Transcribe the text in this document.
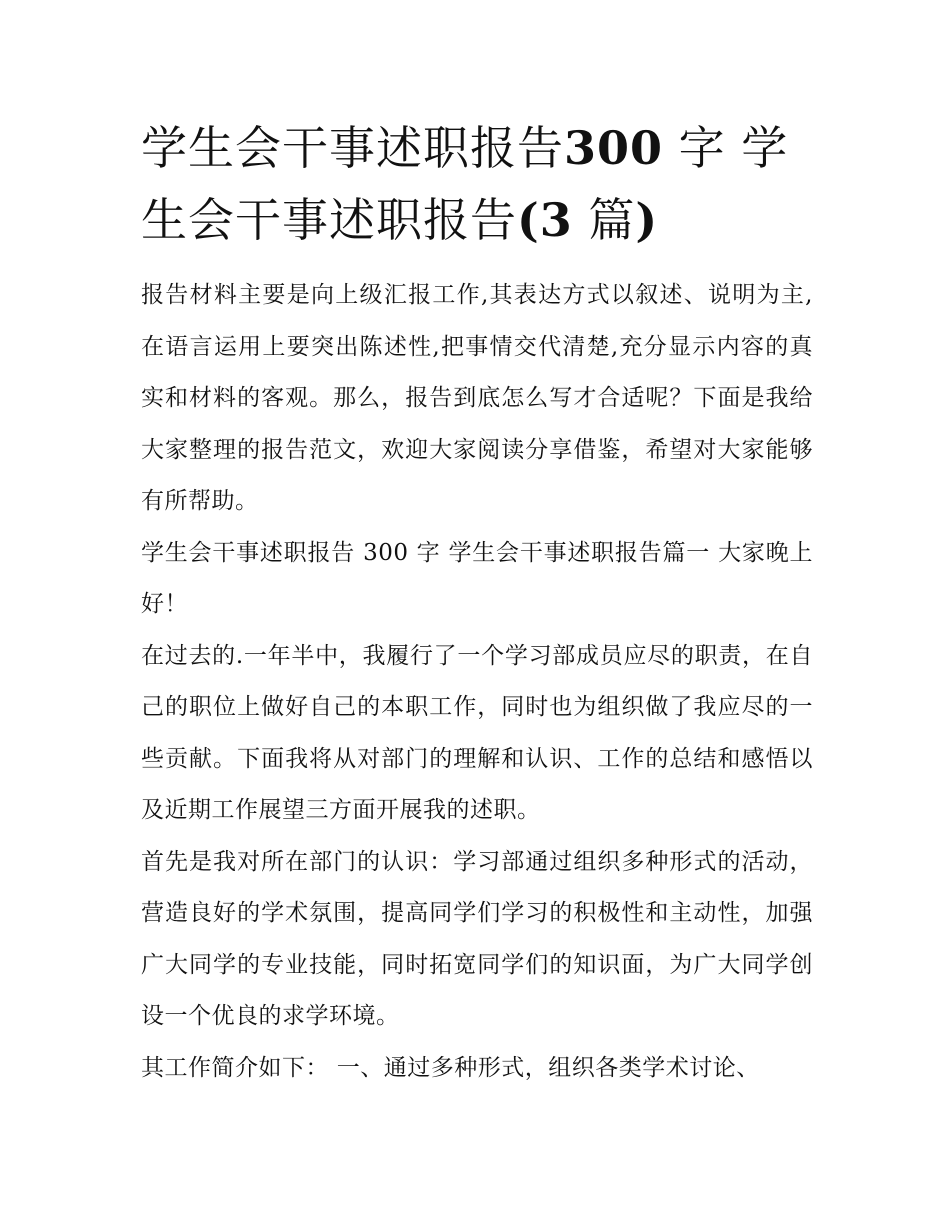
学生会干事述职报告300 字 学生会干事述职报告(3 篇)

报告材料主要是向上级汇报工作,其表达方式以叙述、说明为主,在语言运用上要突出陈述性,把事情交代清楚,充分显示内容的真实和材料的客观。那么，报告到底怎么写才合适呢？下面是我给大家整理的报告范文，欢迎大家阅读分享借鉴，希望对大家能够有所帮助。

学生会干事述职报告 300 字 学生会干事述职报告篇一 大家晚上好！

在过去的.一年半中，我履行了一个学习部成员应尽的职责，在自己的职位上做好自己的本职工作，同时也为组织做了我应尽的一些贡献。下面我将从对部门的理解和认识、工作的总结和感悟以及近期工作展望三方面开展我的述职。

首先是我对所在部门的认识：学习部通过组织多种形式的活动，营造良好的学术氛围，提高同学们学习的积极性和主动性，加强广大同学的专业技能，同时拓宽同学们的知识面，为广大同学创设一个优良的求学环境。

其工作简介如下： 一、通过多种形式，组织各类学术讨论、
